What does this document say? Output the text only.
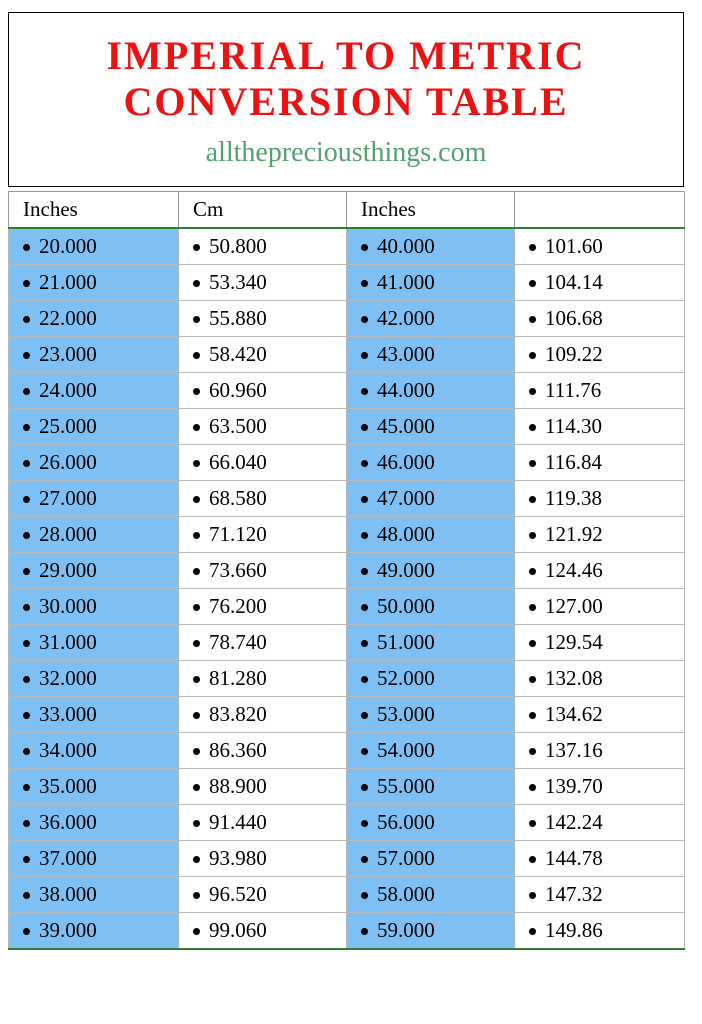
IMPERIAL TO METRIC
CONVERSION TABLE
allthepreciousthings.com
Inches	Cm	Inches	
20.000	50.800	40.000	101.60
21.000	53.340	41.000	104.14
22.000	55.880	42.000	106.68
23.000	58.420	43.000	109.22
24.000	60.960	44.000	111.76
25.000	63.500	45.000	114.30
26.000	66.040	46.000	116.84
27.000	68.580	47.000	119.38
28.000	71.120	48.000	121.92
29.000	73.660	49.000	124.46
30.000	76.200	50.000	127.00
31.000	78.740	51.000	129.54
32.000	81.280	52.000	132.08
33.000	83.820	53.000	134.62
34.000	86.360	54.000	137.16
35.000	88.900	55.000	139.70
36.000	91.440	56.000	142.24
37.000	93.980	57.000	144.78
38.000	96.520	58.000	147.32
39.000	99.060	59.000	149.86
